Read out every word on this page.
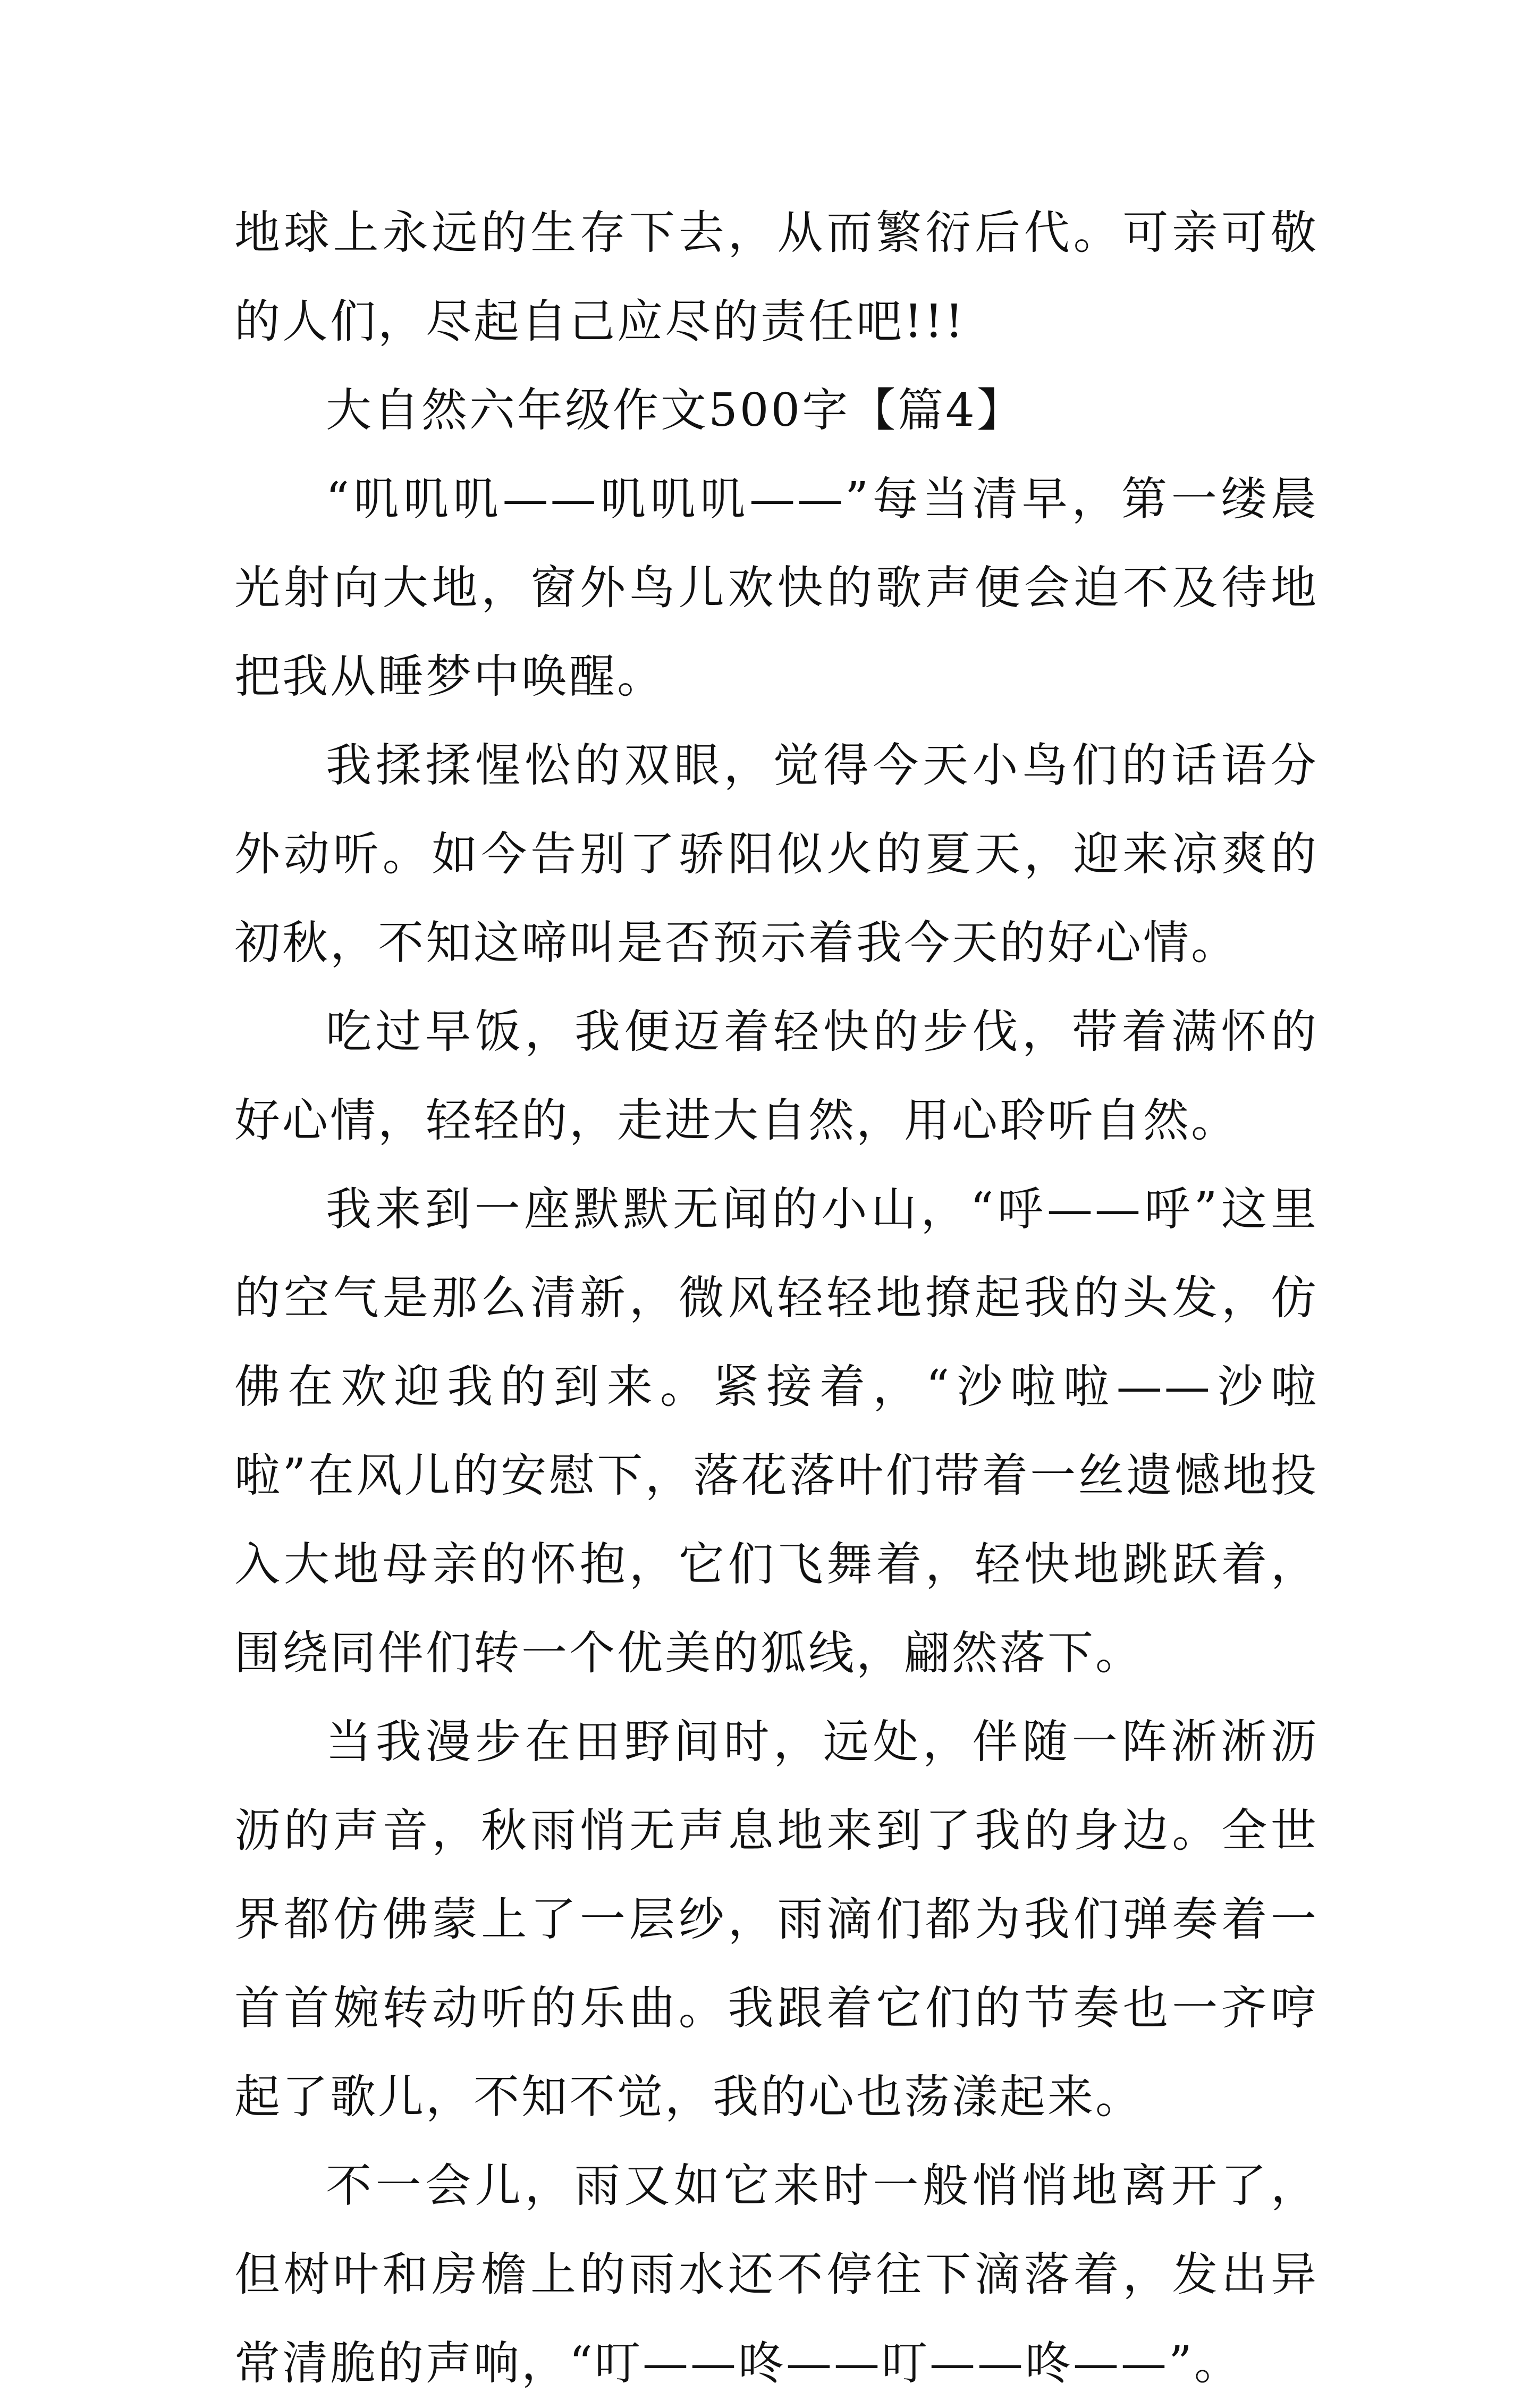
地球上永远的生存下去，从而繁衍后代。可亲可敬的人们，尽起自己应尽的责任吧!!!

大自然六年级作文500字【篇4】

“叽叽叽——叽叽叽——”每当清早，第一缕晨光射向大地，窗外鸟儿欢快的歌声便会迫不及待地把我从睡梦中唤醒。

我揉揉惺忪的双眼，觉得今天小鸟们的话语分外动听。如今告别了骄阳似火的夏天，迎来凉爽的初秋，不知这啼叫是否预示着我今天的好心情。

吃过早饭，我便迈着轻快的步伐，带着满怀的好心情，轻轻的，走进大自然，用心聆听自然。

我来到一座默默无闻的小山，“呼——呼”这里的空气是那么清新，微风轻轻地撩起我的头发，仿佛在欢迎我的到来。紧接着，“沙啦啦——沙啦啦”在风儿的安慰下，落花落叶们带着一丝遗憾地投入大地母亲的怀抱，它们飞舞着，轻快地跳跃着，围绕同伴们转一个优美的狐线，翩然落下。

当我漫步在田野间时，远处，伴随一阵淅淅沥沥的声音，秋雨悄无声息地来到了我的身边。全世界都仿佛蒙上了一层纱，雨滴们都为我们弹奏着一首首婉转动听的乐曲。我跟着它们的节奏也一齐哼起了歌儿，不知不觉，我的心也荡漾起来。

不一会儿，雨又如它来时一般悄悄地离开了，但树叶和房檐上的雨水还不停往下滴落着，发出异常清脆的声响，“叮——咚——叮——咚——”。
